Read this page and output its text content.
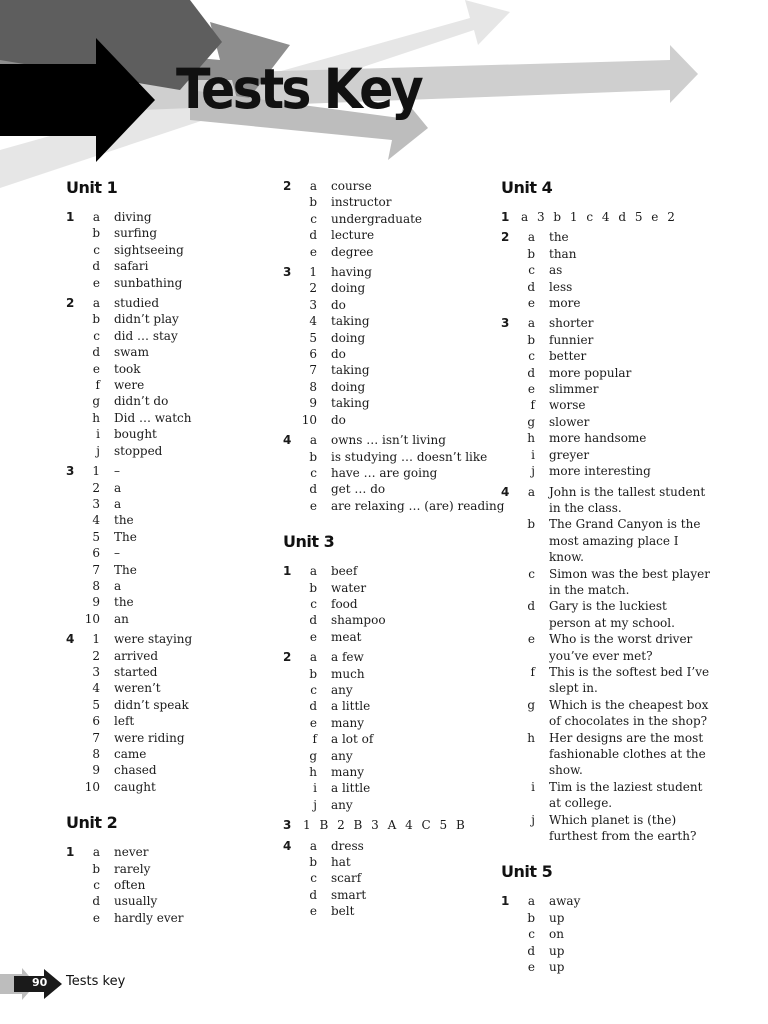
Tests Key
Unit 1
1	a	diving
b	surfing
c	sightseeing
d	safari
e	sunbathing
2	a	studied
b	didn’t play
c	did … stay
d	swam
e	took
f	were
g	didn’t do
h	Did … watch
i	bought
j	stopped
3	1	–
2	a
3	a
4	the
5	The
6	–
7	The
8	a
9	the
10	an
4	1	were staying
2	arrived
3	started
4	weren’t
5	didn’t speak
6	left
7	were riding
8	came
9	chased
10	caught
Unit 2
1	a	never
b	rarely
c	often
d	usually
e	hardly ever
2	a	course
b	instructor
c	undergraduate
d	lecture
e	degree
3	1	having
2	doing
3	do
4	taking
5	doing
6	do
7	taking
8	doing
9	taking
10	do
4	a	owns … isn’t living
b	is studying … doesn’t like
c	have … are going
d	get … do
e	are relaxing … (are) reading
Unit 3
1	a	beef
b	water
c	food
d	shampoo
e	meat
2	a	a few
b	much
c	any
d	a little
e	many
f	a lot of
g	any
h	many
i	a little
j	any
3 1 B 2 B 3 A 4 C 5 B
4	a	dress
b	hat
c	scarf
d	smart
e	belt
Unit 4
1 a 3 b 1 c 4 d 5 e 2
2	a	the
b	than
c	as
d	less
e	more
3	a	shorter
b	funnier
c	better
d	more popular
e	slimmer
f	worse
g	slower
h	more handsome
i	greyer
j	more interesting
4	a	John is the tallest student in the class.
b	The Grand Canyon is the most amazing place I know.
c	Simon was the best player in the match.
d	Gary is the luckiest person at my school.
e	Who is the worst driver you’ve ever met?
f	This is the softest bed I’ve slept in.
g	Which is the cheapest box of chocolates in the shop?
h	Her designs are the most fashionable clothes at the show.
i	Tim is the laziest student at college.
j	Which planet is (the) furthest from the earth?
Unit 5
1	a	away
b	up
c	on
d	up
e	up
90 Tests key
